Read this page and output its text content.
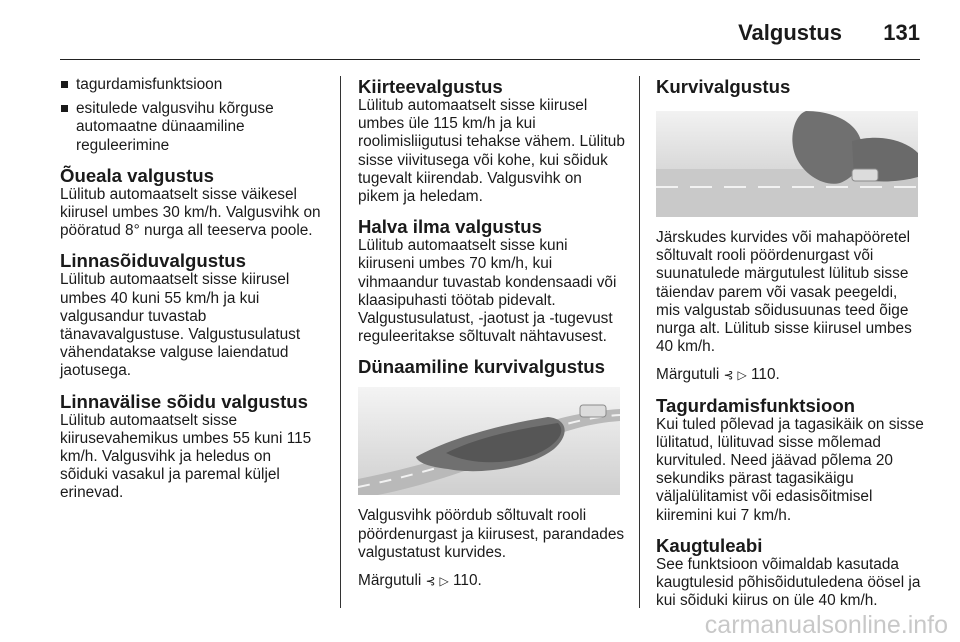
Valgustus 131
tagurdamisfunktsioon
esitulede valgusvihu kõrguse automaatne dünaamiline reguleerimine
Õueala valgustus

Lülitub automaatselt sisse väikesel kiirusel umbes 30 km/h. Valgusvihk on pööratud 8° nurga all teeserva poole.

Linnasõiduvalgustus

Lülitub automaatselt sisse kiirusel umbes 40 kuni 55 km/h ja kui valgusandur tuvastab tänavavalgustuse. Valgustusulatust vähendatakse valguse laiendatud jaotusega.

Linnavälise sõidu valgustus

Lülitub automaatselt sisse kiirusevahemikus umbes 55 kuni 115 km/h. Valgusvihk ja heledus on sõiduki vasakul ja paremal küljel erinevad.

Kiirteevalgustus

Lülitub automaatselt sisse kiirusel umbes üle 115 km/h ja kui roolimisliigutusi tehakse vähem. Lülitub sisse viivitusega või kohe, kui sõiduk tugevalt kiirendab. Valgusvihk on pikem ja heledam.

Halva ilma valgustus

Lülitub automaatselt sisse kuni kiiruseni umbes 70 km/h, kui vihmaandur tuvastab kondensaadi või klaasipuhasti töötab pidevalt. Valgustusulatust, -jaotust ja -tugevust reguleeritakse sõltuvalt nähtavusest.

Dünaamiline kurvivalgustus

Valgusvihk pöördub sõltuvalt rooli pöördenurgast ja kiirusest, parandades valgustatust kurvides.

Märgutuli ⊰ ▷ 110.

Kurvivalgustus

Järskudes kurvides või mahapööretel sõltuvalt rooli pöördenurgast või suunatulede märgutulest lülitub sisse täiendav parem või vasak peegeldi, mis valgustab sõidusuunas teed õige nurga alt. Lülitub sisse kiirusel umbes 40 km/h.

Märgutuli ⊰ ▷ 110.

Tagurdamisfunktsioon

Kui tuled põlevad ja tagasikäik on sisse lülitatud, lülituvad sisse mõlemad kurvituled. Need jäävad põlema 20 sekundiks pärast tagasikäigu väljalülitamist või edasisõitmisel kiiremini kui 7 km/h.

Kaugtuleabi

See funktsioon võimaldab kasutada kaugtulesid põhisõidutuledena öösel ja kui sõiduki kiirus on üle 40 km/h.

carmanualsonline.info
